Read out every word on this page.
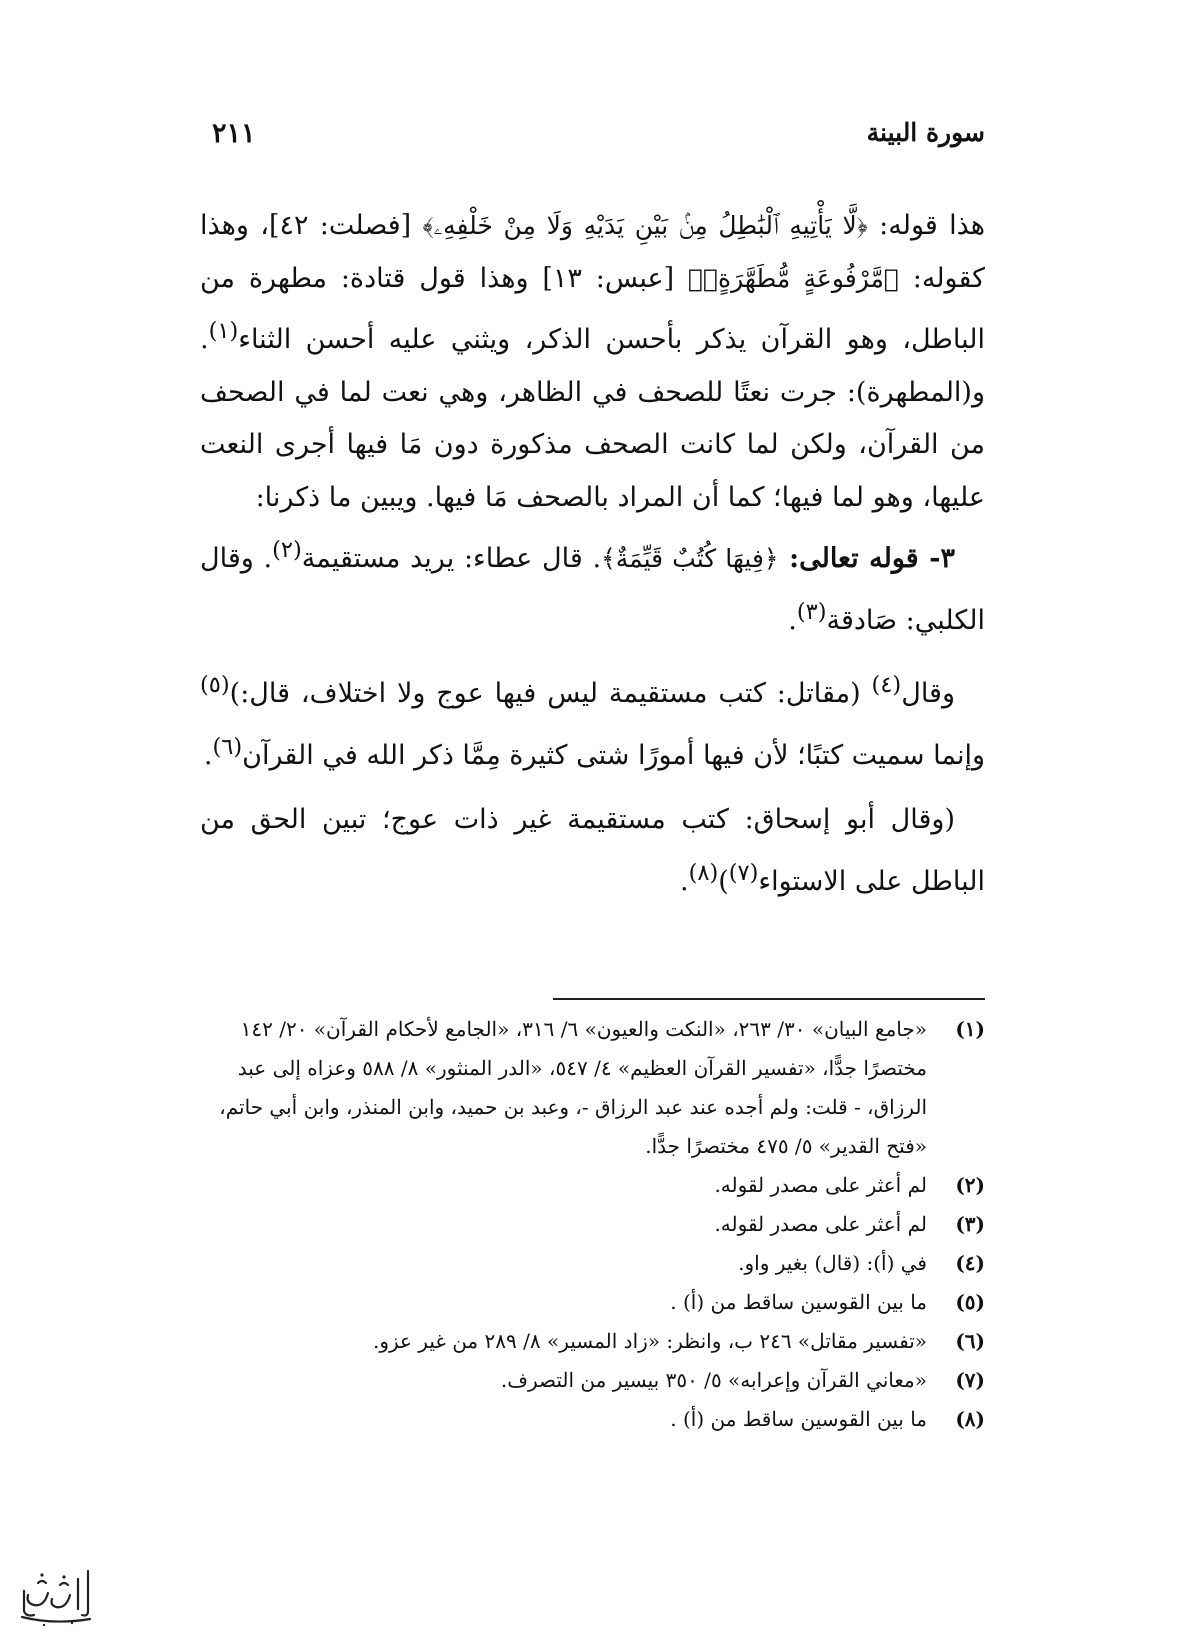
سورة البينة
٢١١

هذا قوله: ﴿لَّا يَأْتِيهِ ٱلْبَٰطِلُ مِنۢ بَيْنِ يَدَيْهِ وَلَا مِنْ خَلْفِهِۦ﴾ [فصلت: ٤٢]، وهذا كقوله: ﴿مَّرْفُوعَةٍ مُّطَهَّرَةٍۭ﴾ [عبس: ١٣] وهذا قول قتادة: مطهرة من الباطل، وهو القرآن يذكر بأحسن الذكر، ويثني عليه أحسن الثناء$^{(١)}$. و(المطهرة): جرت نعتًا للصحف في الظاهر، وهي نعت لما في الصحف من القرآن، ولكن لما كانت الصحف مذكورة دون مَا فيها أجرى النعت عليها، وهو لما فيها؛ كما أن المراد بالصحف مَا فيها. ويبين ما ذكرنا:

٣- قوله تعالى: ﴿فِيهَا كُتُبٌ قَيِّمَةٌ﴾. قال عطاء: يريد مستقيمة$^{(٢)}$. وقال الكلبي: صَادقة$^{(٣)}$.

وقال$^{(٤)}$ (مقاتل: كتب مستقيمة ليس فيها عوج ولا اختلاف، قال:)$^{(٥)}$ وإنما سميت كتبًا؛ لأن فيها أمورًا شتى كثيرة مِمَّا ذكر الله في القرآن$^{(٦)}$.

(وقال أبو إسحاق: كتب مستقيمة غير ذات عوج؛ تبين الحق من الباطل على الاستواء$^{(٧)}$)$^{(٨)}$.

(١)
«جامع البيان» ٣٠/ ٢٦٣، «النكت والعيون» ٦/ ٣١٦، «الجامع لأحكام القرآن» ٢٠/ ١٤٢ مختصرًا جدًّا، «تفسير القرآن العظيم» ٤/ ٥٤٧، «الدر المنثور» ٨/ ٥٨٨ وعزاه إلى عبد الرزاق، - قلت: ولم أجده عند عبد الرزاق -، وعبد بن حميد، وابن المنذر، وابن أبي حاتم، «فتح القدير» ٥/ ٤٧٥ مختصرًا جدًّا.
(٢)
لم أعثر على مصدر لقوله.
(٣)
لم أعثر على مصدر لقوله.
(٤)
في (أ): (قال) بغير واو.
(٥)
ما بين القوسين ساقط من (أ) .
(٦)
«تفسير مقاتل» ٢٤٦ ب، وانظر: «زاد المسير» ٨/ ٢٨٩ من غير عزو.
(٧)
«معاني القرآن وإعرابه» ٥/ ٣٥٠ بيسير من التصرف.
(٨)
ما بين القوسين ساقط من (أ) .
